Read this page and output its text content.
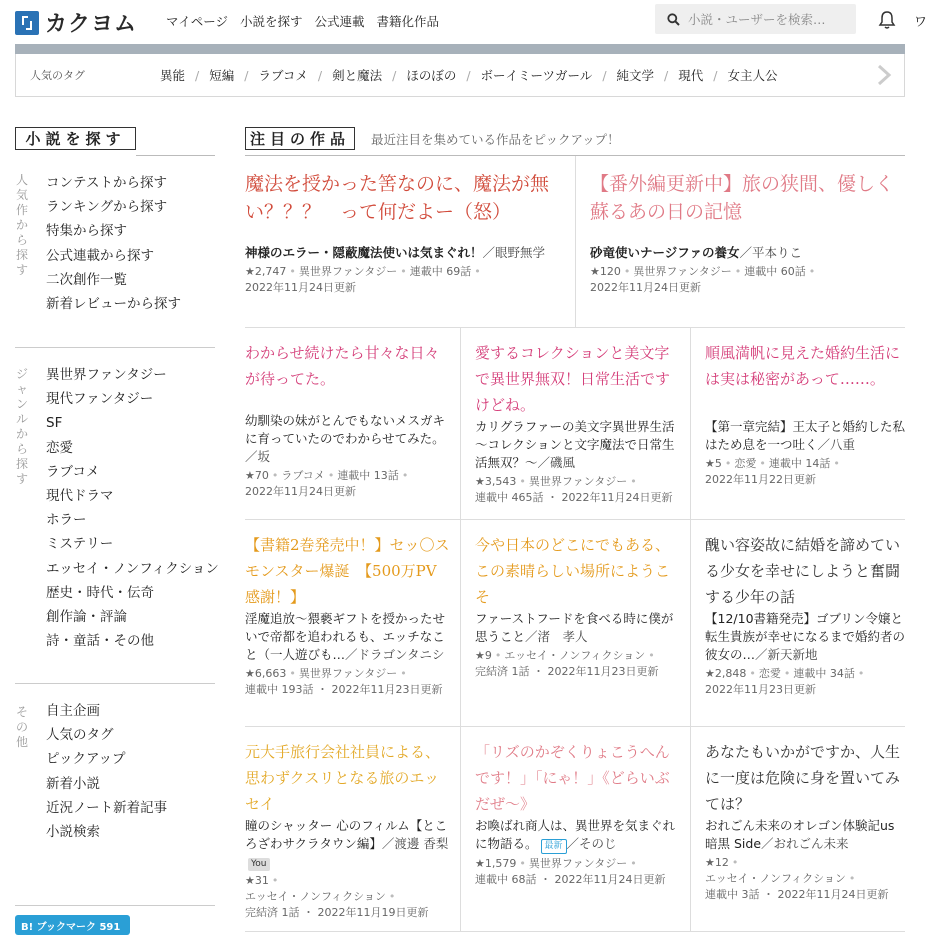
カクヨム マイページ 小説を探す 公式連載 書籍化作品	小説・ユーザーを検索…	ワ
人気のタグ	異能 / 短編 / ラブコメ / 剣と魔法 / ほのぼの / ボーイミーツガール / 純文学 / 現代 / 女主人公
小説を探す
人気作から探す
コンテストから探す
ランキングから探す
特集から探す
公式連載から探す
二次創作一覧
新着レビューから探す
ジャンルから探す
異世界ファンタジー
現代ファンタジー
SF
恋愛
ラブコメ
現代ドラマ
ホラー
ミステリー
エッセイ・ノンフィクション
歴史・時代・伝奇
創作論・評論
詩・童話・その他
その他
自主企画
人気のタグ
ピックアップ
新着小説
近況ノート新着記事
小説検索
B! ブックマーク 591
注目の作品	最近注目を集めている作品をピックアップ！
魔法を授かった筈なのに、魔法が無い？？？　って何だよー（怒）
神様のエラー・隠蔽魔法使いは気まぐれ！／眼野無学
★2,747 • 異世界ファンタジー • 連載中 69話 •
2022年11月24日更新
【番外編更新中】旅の狭間、優しく蘇るあの日の記憶
砂竜使いナージファの養女／平本りこ
★120 • 異世界ファンタジー • 連載中 60話 •
2022年11月24日更新
わからせ続けたら甘々な日々が待ってた。
幼馴染の妹がとんでもないメスガキに育っていたのでわからせてみた。／坂
★70 • ラブコメ • 連載中 13話 •
2022年11月24日更新
愛するコレクションと美文字で異世界無双！日常生活ですけどね。
カリグラファーの美文字異世界生活 〜コレクションと文字魔法で日常生活無双？〜／磯風
★3,543 • 異世界ファンタジー •
連載中 465話 ・ 2022年11月24日更新
順風満帆に見えた婚約生活には実は秘密があって……。
【第一章完結】王太子と婚約した私はため息を一つ吐く／八重
★5 • 恋愛 • 連載中 14話 •
2022年11月22日更新
【書籍2巻発売中！】セッ〇スモンスター爆誕　【500万PV感謝！】
淫魔追放〜猥褻ギフトを授かったせいで帝都を追われるも、エッチなこと（一人遊びも…／ドラゴンタニシ
★6,663 • 異世界ファンタジー •
連載中 193話 ・ 2022年11月23日更新
今や日本のどこにでもある、この素晴らしい場所にようこそ
ファーストフードを食べる時に僕が思うこと／渚　孝人
★9 • エッセイ・ノンフィクション •
完結済 1話 ・ 2022年11月23日更新
醜い容姿故に結婚を諦めている少女を幸せにしようと奮闘する少年の話
【12/10書籍発売】ゴブリン令嬢と転生貴族が幸せになるまで婚約者の彼女の…／新天新地
★2,848 • 恋愛 • 連載中 34話 •
2022年11月23日更新
元大手旅行会社社員による、思わずクスリとなる旅のエッセイ
瞳のシャッター 心のフィルム【ところざわサクラタウン編】／渡邊 香梨You
★31 •
エッセイ・ノンフィクション •
完結済 1話 ・ 2022年11月19日更新
「リズのかぞくりょこうへんです！」「にゃ！」《どらいぶだぜ〜》
お喚ばれ商人は、異世界を気まぐれに物語る。 最新 ／そのじ
★1,579 • 異世界ファンタジー •
連載中 68話 ・ 2022年11月24日更新
あなたもいかがですか、人生に一度は危険に身を置いてみては？
おれごん未来のオレゴン体験記us 暗黒 Side／おれごん未来
★12 •
エッセイ・ノンフィクション •
連載中 3話 ・ 2022年11月24日更新
